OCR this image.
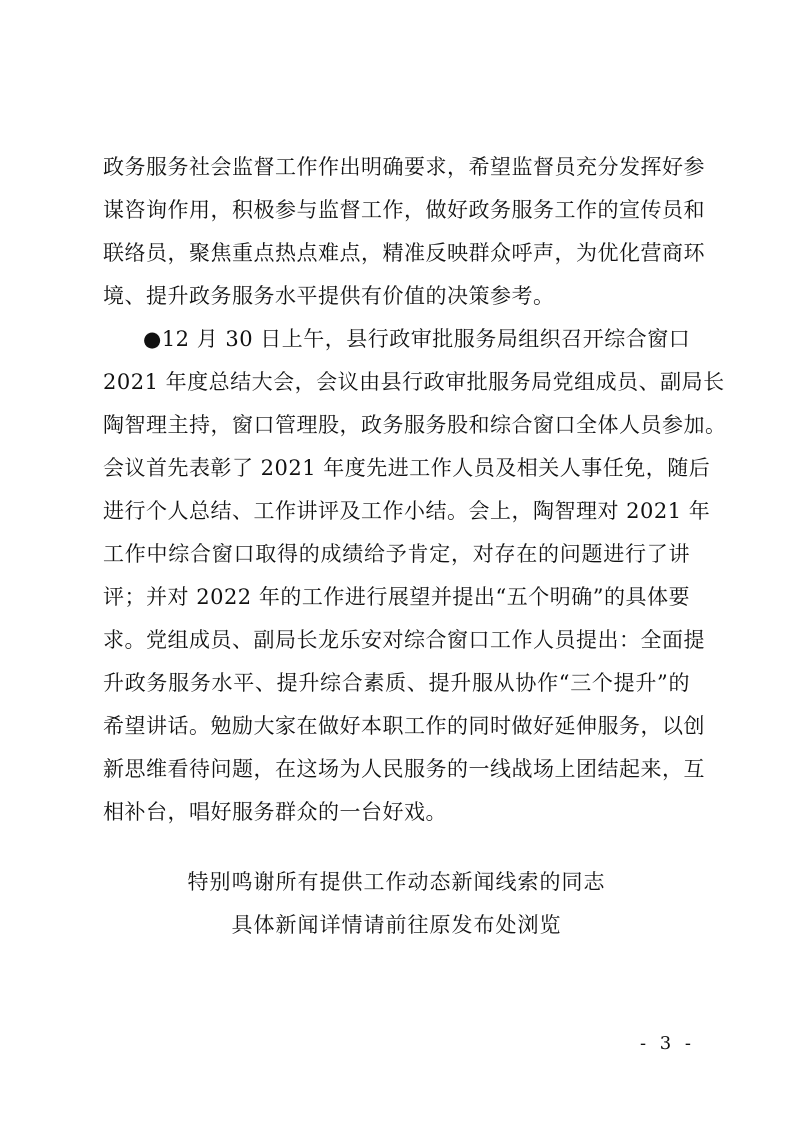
政务服务社会监督工作作出明确要求，希望监督员充分发挥好参
谋咨询作用，积极参与监督工作，做好政务服务工作的宣传员和
联络员，聚焦重点热点难点，精准反映群众呼声，为优化营商环
境、提升政务服务水平提供有价值的决策参考。
●12 月 30 日上午，县行政审批服务局组织召开综合窗口
2021 年度总结大会，会议由县行政审批服务局党组成员、副局长
陶智理主持，窗口管理股，政务服务股和综合窗口全体人员参加。
会议首先表彰了 2021 年度先进工作人员及相关人事任免，随后
进行个人总结、工作讲评及工作小结。会上，陶智理对 2021 年
工作中综合窗口取得的成绩给予肯定，对存在的问题进行了讲
评；并对 2022 年的工作进行展望并提出“五个明确”的具体要
求。党组成员、副局长龙乐安对综合窗口工作人员提出：全面提
升政务服务水平、提升综合素质、提升服从协作“三个提升”的
希望讲话。勉励大家在做好本职工作的同时做好延伸服务，以创
新思维看待问题，在这场为人民服务的一线战场上团结起来，互
相补台，唱好服务群众的一台好戏。
特别鸣谢所有提供工作动态新闻线索的同志
具体新闻详情请前往原发布处浏览
- 3 -
